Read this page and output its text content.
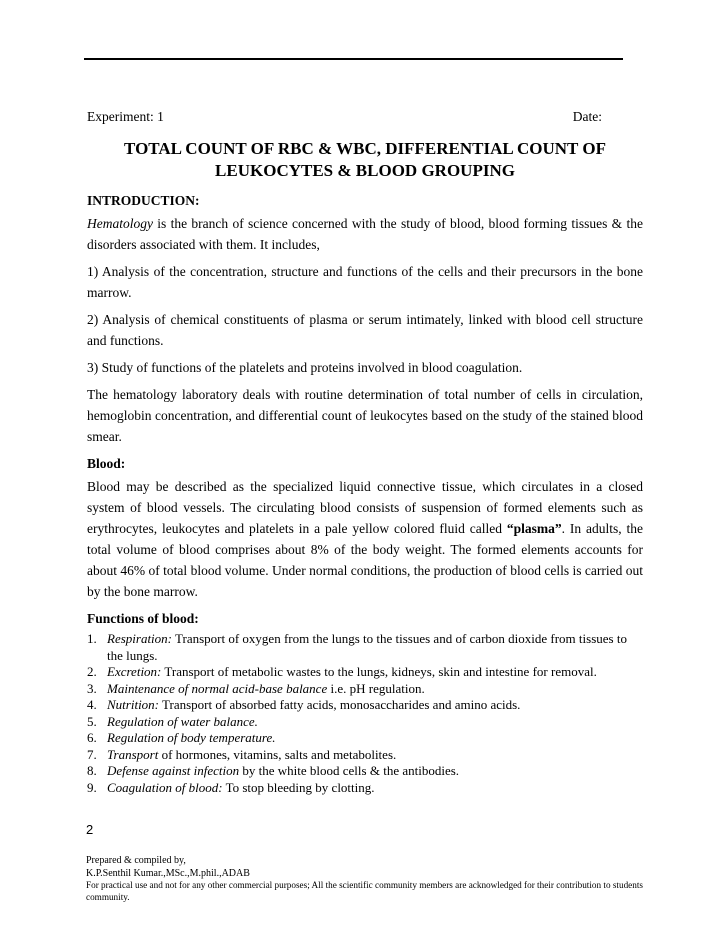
Experiment: 1	Date:
TOTAL COUNT OF RBC & WBC, DIFFERENTIAL COUNT OF
LEUKOCYTES & BLOOD GROUPING
INTRODUCTION:

Hematology is the branch of science concerned with the study of blood, blood forming tissues & the disorders associated with them. It includes,

1) Analysis of the concentration, structure and functions of the cells and their precursors in the bone marrow.

2) Analysis of chemical constituents of plasma or serum intimately, linked with blood cell structure and functions.

3) Study of functions of the platelets and proteins involved in blood coagulation.

The hematology laboratory deals with routine determination of total number of cells in circulation, hemoglobin concentration, and differential count of leukocytes based on the study of the stained blood smear.

Blood:

Blood may be described as the specialized liquid connective tissue, which circulates in a closed system of blood vessels. The circulating blood consists of suspension of formed elements such as erythrocytes, leukocytes and platelets in a pale yellow colored fluid called “plasma”. In adults, the total volume of blood comprises about 8% of the body weight. The formed elements accounts for about 46% of total blood volume. Under normal conditions, the production of blood cells is carried out by the bone marrow.

Functions of blood:
1. Respiration: Transport of oxygen from the lungs to the tissues and of carbon dioxide from tissues to the lungs.
2. Excretion: Transport of metabolic wastes to the lungs, kidneys, skin and intestine for removal.
3. Maintenance of normal acid-base balance i.e. pH regulation.
4. Nutrition: Transport of absorbed fatty acids, monosaccharides and amino acids.
5. Regulation of water balance.
6. Regulation of body temperature.
7. Transport of hormones, vitamins, salts and metabolites.
8. Defense against infection by the white blood cells & the antibodies.
9. Coagulation of blood: To stop bleeding by clotting.
2
Prepared & compiled by,
K.P.Senthil Kumar.,MSc.,M.phil.,ADAB
For practical use and not for any other commercial purposes; All the scientific community members are acknowledged for their contribution to students community.
